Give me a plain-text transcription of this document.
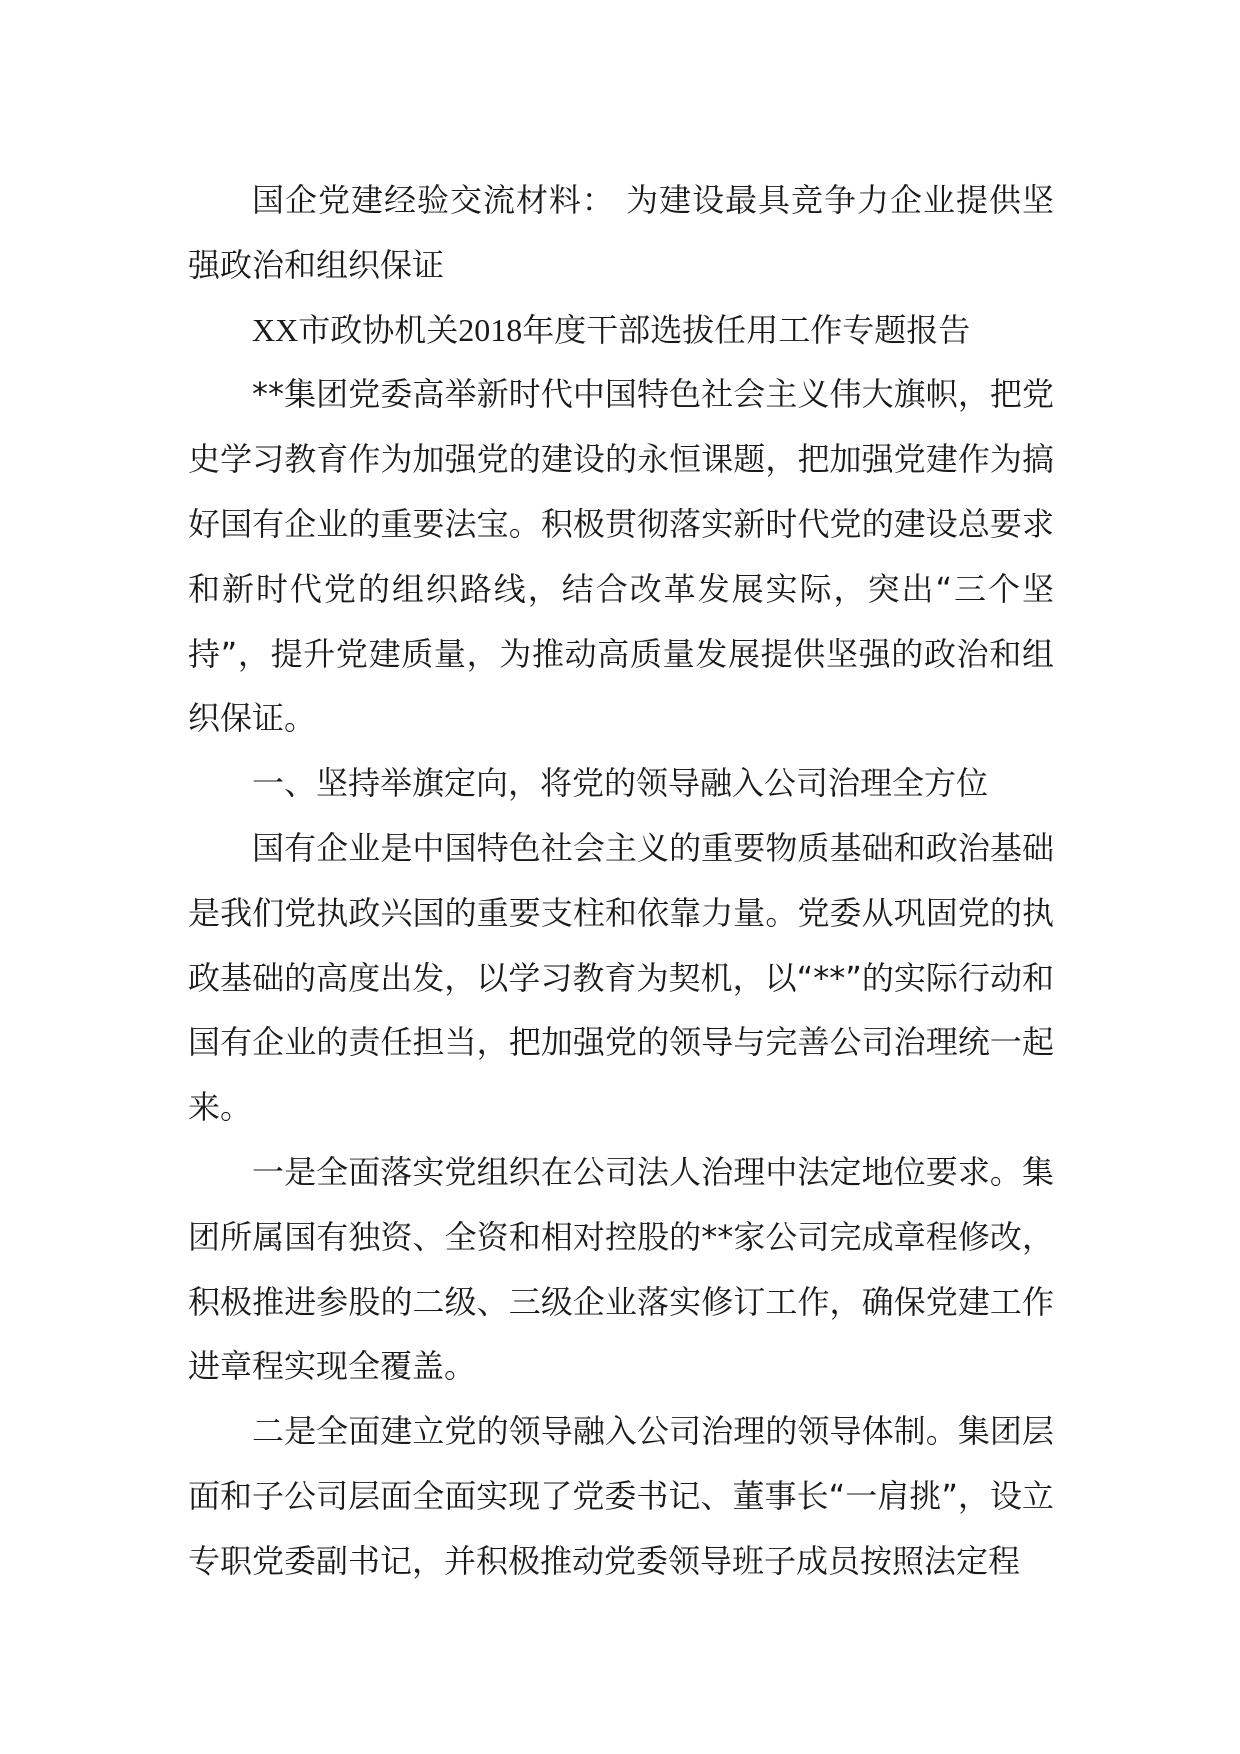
国企党建经验交流材料： 为建设最具竞争力企业提供坚强政治和组织保证

XX市政协机关2018年度干部选拔任用工作专题报告

**集团党委高举新时代中国特色社会主义伟大旗帜，把党史学习教育作为加强党的建设的永恒课题，把加强党建作为搞好国有企业的重要法宝。积极贯彻落实新时代党的建设总要求和新时代党的组织路线，结合改革发展实际，突出“三个坚持”，提升党建质量，为推动高质量发展提供坚强的政治和组织保证。

一、坚持举旗定向，将党的领导融入公司治理全方位

国有企业是中国特色社会主义的重要物质基础和政治基础是我们党执政兴国的重要支柱和依靠力量。党委从巩固党的执政基础的高度出发，以学习教育为契机，以“**”的实际行动和国有企业的责任担当，把加强党的领导与完善公司治理统一起来。

一是全面落实党组织在公司法人治理中法定地位要求。集团所属国有独资、全资和相对控股的**家公司完成章程修改，积极推进参股的二级、三级企业落实修订工作，确保党建工作进章程实现全覆盖。

二是全面建立党的领导融入公司治理的领导体制。集团层面和子公司层面全面实现了党委书记、董事长“一肩挑”，设立专职党委副书记，并积极推动党委领导班子成员按照法定程
